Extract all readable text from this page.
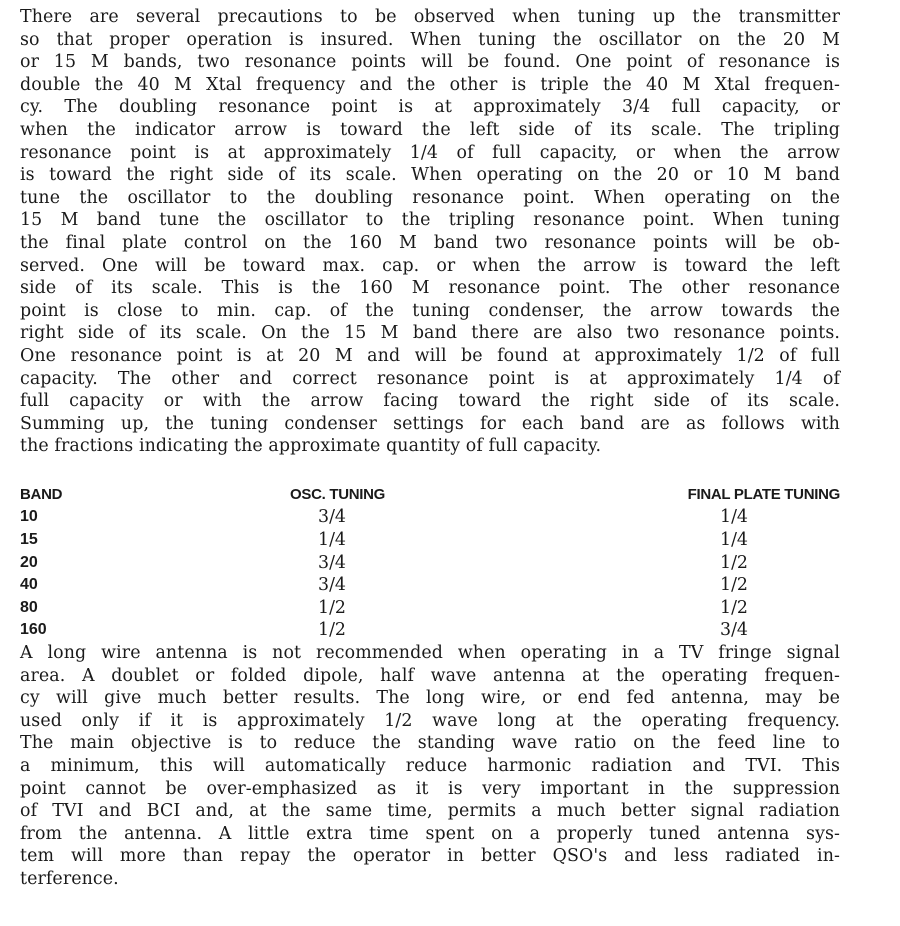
There are several precautions to be observed when tuning up the transmitter
so that proper operation is insured. When tuning the oscillator on the 20 M
or 15 M bands, two resonance points will be found. One point of resonance is
double the 40 M Xtal frequency and the other is triple the 40 M Xtal frequen-
cy. The doubling resonance point is at approximately 3/4 full capacity, or
when the indicator arrow is toward the left side of its scale. The tripling
resonance point is at approximately 1/4 of full capacity, or when the arrow
is toward the right side of its scale. When operating on the 20 or 10 M band
tune the oscillator to the doubling resonance point. When operating on the
15 M band tune the oscillator to the tripling resonance point. When tuning
the final plate control on the 160 M band two resonance points will be ob-
served. One will be toward max. cap. or when the arrow is toward the left
side of its scale. This is the 160 M resonance point. The other resonance
point is close to min. cap. of the tuning condenser, the arrow towards the
right side of its scale. On the 15 M band there are also two resonance points.
One resonance point is at 20 M and will be found at approximately 1/2 of full
capacity. The other and correct resonance point is at approximately 1/4 of
full capacity or with the arrow facing toward the right side of its scale.
Summing up, the tuning condenser settings for each band are as follows with
the fractions indicating the approximate quantity of full capacity.
BAND	OSC. TUNING	FINAL PLATE TUNING
10	3/4	1/4
15	1/4	1/4
20	3/4	1/2
40	3/4	1/2
80	1/2	1/2
160	1/2	3/4
A long wire antenna is not recommended when operating in a TV fringe signal
area. A doublet or folded dipole, half wave antenna at the operating frequen-
cy will give much better results. The long wire, or end fed antenna, may be
used only if it is approximately 1/2 wave long at the operating frequency.
The main objective is to reduce the standing wave ratio on the feed line to
a minimum, this will automatically reduce harmonic radiation and TVI. This
point cannot be over-emphasized as it is very important in the suppression
of TVI and BCI and, at the same time, permits a much better signal radiation
from the antenna. A little extra time spent on a properly tuned antenna sys-
tem will more than repay the operator in better QSO's and less radiated in-
terference.
